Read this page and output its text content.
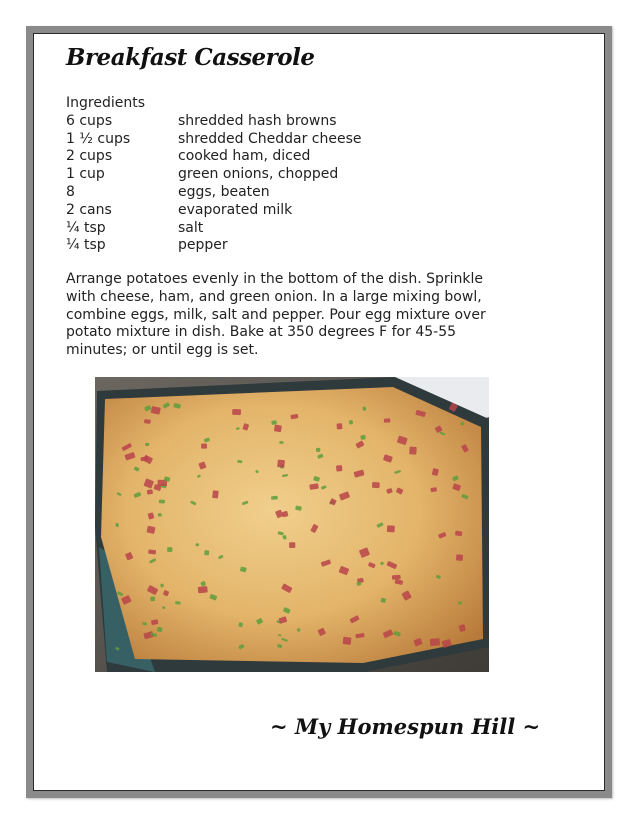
Breakfast Casserole

Ingredients

6 cups	shredded hash browns
1 ½ cups	shredded Cheddar cheese
2 cups	cooked ham, diced
1 cup	green onions, chopped
8	eggs, beaten
2 cans	evaporated milk
¼ tsp	salt
¼ tsp	pepper

Arrange potatoes evenly in the bottom of the dish. Sprinkle with cheese, ham, and green onion. In a large mixing bowl, combine eggs, milk, salt and pepper. Pour egg mixture over potato mixture in dish. Bake at 350 degrees F for 45-55 minutes; or until egg is set.

~ My Homespun Hill ~
